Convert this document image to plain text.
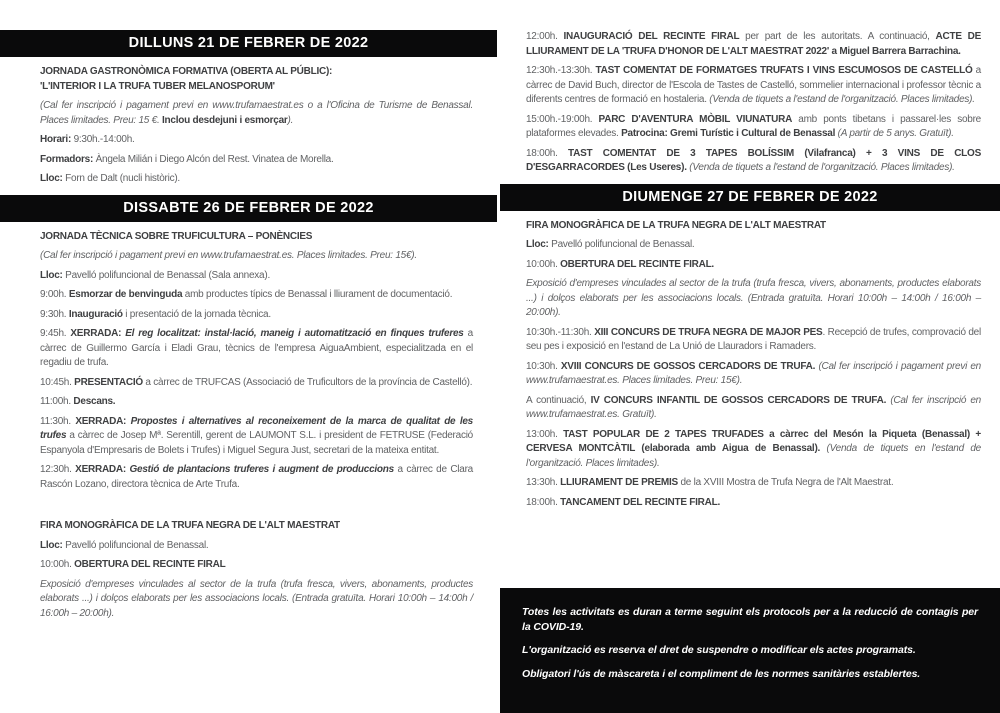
DILLUNS 21 DE FEBRER DE 2022

JORNADA GASTRONÒMICA FORMATIVA (OBERTA AL PÚBLIC):
'L'INTERIOR I LA TRUFA TUBER MELANOSPORUM'

(Cal fer inscripció i pagament previ en www.trufamaestrat.es o a l'Oficina de Turisme de Benassal. Places limitades. Preu: 15 €. Inclou desdejuni i esmorçar).

Horari: 9:30h.-14:00h.

Formadors: Àngela Milián i Diego Alcón del Rest. Vinatea de Morella.

Lloc: Forn de Dalt (nucli històric).

DISSABTE 26 DE FEBRER DE 2022

JORNADA TÈCNICA SOBRE TRUFICULTURA – PONÈNCIES

(Cal fer inscripció i pagament previ en www.trufamaestrat.es. Places limitades. Preu: 15€).

Lloc: Pavelló polifuncional de Benassal (Sala annexa).

9:00h. Esmorzar de benvinguda amb productes típics de Benassal i lliurament de documentació.

9:30h. Inauguració i presentació de la jornada tècnica.

9:45h. XERRADA: El reg localitzat: instal·lació, maneig i automatització en finques truferes a càrrec de Guillermo García i Eladi Grau, tècnics de l'empresa AiguaAmbient, especialitzada en el regadiu de trufa.

10:45h. PRESENTACIÓ a càrrec de TRUFCAS (Associació de Truficultors de la província de Castelló).

11:00h. Descans.

11:30h. XERRADA: Propostes i alternatives al reconeixement de la marca de qualitat de les trufes a càrrec de Josep Mª. Serentill, gerent de LAUMONT S.L. i president de FETRUSE (Federació Espanyola d'Empresaris de Bolets i Trufes) i Miguel Segura Just, secretari de la mateixa entitat.

12:30h. XERRADA: Gestió de plantacions truferes i augment de produccions a càrrec de Clara Rascón Lozano, directora tècnica de Arte Trufa.

FIRA MONOGRÀFICA DE LA TRUFA NEGRA DE L'ALT MAESTRAT

Lloc: Pavelló polifuncional de Benassal.

10:00h. OBERTURA DEL RECINTE FIRAL

Exposició d'empreses vinculades al sector de la trufa (trufa fresca, vivers, abonaments, productes elaborats ...) i dolços elaborats per les associacions locals. (Entrada gratuïta. Horari 10:00h – 14:00h / 16:00h – 20:00h).

12:00h. INAUGURACIÓ DEL RECINTE FIRAL per part de les autoritats. A continuació, ACTE DE LLIURAMENT DE LA 'TRUFA D'HONOR DE L'ALT MAESTRAT 2022' a Miguel Barrera Barrachina.

12:30h.-13:30h. TAST COMENTAT DE FORMATGES TRUFATS I VINS ESCUMOSOS DE CASTELLÓ a càrrec de David Buch, director de l'Escola de Tastes de Castelló, sommelier internacional i professor tècnic a diferents centres de formació en hostaleria. (Venda de tiquets a l'estand de l'organització. Places limitades).

15:00h.-19:00h. PARC D'AVENTURA MÒBIL VIUNATURA amb ponts tibetans i passarel·les sobre plataformes elevades. Patrocina: Gremi Turístic i Cultural de Benassal (A partir de 5 anys. Gratuït).

18:00h. TAST COMENTAT DE 3 TAPES BOLÍSSIM (Vilafranca) + 3 VINS DE CLOS D'ESGARRACORDES (Les Useres). (Venda de tiquets a l'estand de l'organització. Places limitades).

DIUMENGE 27 DE FEBRER DE 2022

FIRA MONOGRÀFICA DE LA TRUFA NEGRA DE L'ALT MAESTRAT

Lloc: Pavelló polifuncional de Benassal.

10:00h. OBERTURA DEL RECINTE FIRAL.

Exposició d'empreses vinculades al sector de la trufa (trufa fresca, vivers, abonaments, productes elaborats ...) i dolços elaborats per les associacions locals. (Entrada gratuïta. Horari 10:00h – 14:00h / 16:00h – 20:00h).

10:30h.-11:30h. XIII CONCURS DE TRUFA NEGRA DE MAJOR PES. Recepció de trufes, comprovació del seu pes i exposició en l'estand de La Unió de Llauradors i Ramaders.

10:30h. XVIII CONCURS DE GOSSOS CERCADORS DE TRUFA. (Cal fer inscripció i pagament previ en www.trufamaestrat.es. Places limitades. Preu: 15€).

A continuació, IV CONCURS INFANTIL DE GOSSOS CERCADORS DE TRUFA. (Cal fer inscripció en www.trufamaestrat.es. Gratuït).

13:00h. TAST POPULAR DE 2 TAPES TRUFADES a càrrec del Mesón la Piqueta (Benassal) + CERVESA MONTCÀTIL (elaborada amb Aigua de Benassal). (Venda de tiquets en l'estand de l'organització. Places limitades).

13:30h. LLIURAMENT DE PREMIS de la XVIII Mostra de Trufa Negra de l'Alt Maestrat.

18:00h. TANCAMENT DEL RECINTE FIRAL.

Totes les activitats es duran a terme seguint els protocols per a la reducció de contagis per la COVID-19.

L'organització es reserva el dret de suspendre o modificar els actes programats.

Obligatori l'ús de màscareta i el compliment de les normes sanitàries establertes.
